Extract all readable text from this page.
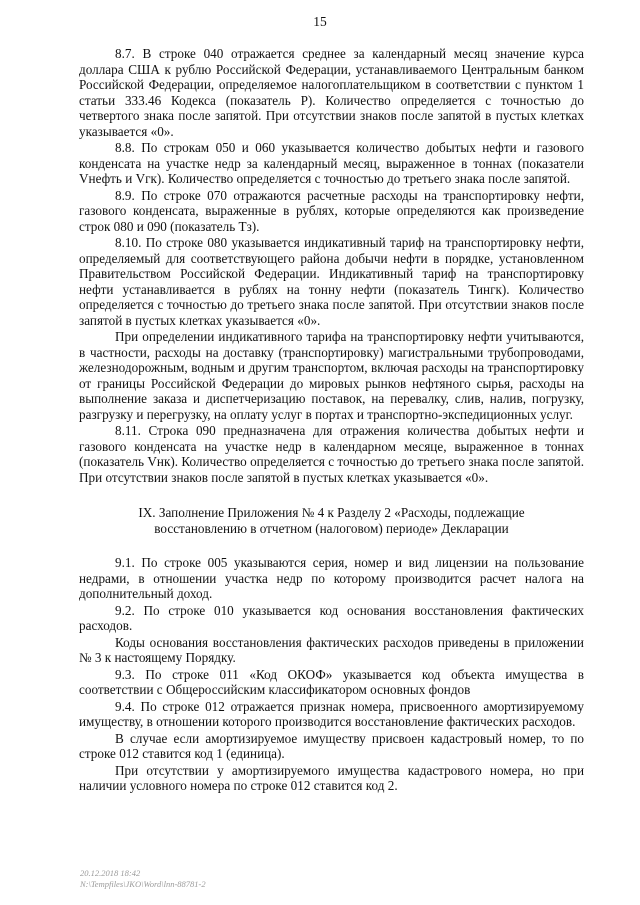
15

8.7. В строке 040 отражается среднее за календарный месяц значение курса доллара США к рублю Российской Федерации, устанавливаемого Центральным банком Российской Федерации, определяемое налогоплательщиком в соответствии с пунктом 1 статьи 333.46 Кодекса (показатель Р). Количество определяется с точностью до четвертого знака после запятой. При отсутствии знаков после запятой в пустых клетках указывается «0».

8.8. По строкам 050 и 060 указывается количество добытых нефти и газового конденсата на участке недр за календарный месяц, выраженное в тоннах (показатели Vнефть и Vгк). Количество определяется с точностью до третьего знака после запятой.

8.9. По строке 070 отражаются расчетные расходы на транспортировку нефти, газового конденсата, выраженные в рублях, которые определяются как произведение строк 080 и 090 (показатель Тз).

8.10. По строке 080 указывается индикативный тариф на транспортировку нефти, определяемый для соответствующего района добычи нефти в порядке, установленном Правительством Российской Федерации. Индикативный тариф на транспортировку нефти устанавливается в рублях на тонну нефти (показатель Тингк). Количество определяется с точностью до третьего знака после запятой. При отсутствии знаков после запятой в пустых клетках указывается «0».

При определении индикативного тарифа на транспортировку нефти учитываются, в частности, расходы на доставку (транспортировку) магистральными трубопроводами, железнодорожным, водным и другим транспортом, включая расходы на транспортировку от границы Российской Федерации до мировых рынков нефтяного сырья, расходы на выполнение заказа и диспетчеризацию поставок, на перевалку, слив, налив, погрузку, разгрузку и перегрузку, на оплату услуг в портах и транспортно-экспедиционных услуг.

8.11. Строка 090 предназначена для отражения количества добытых нефти и газового конденсата на участке недр в календарном месяце, выраженное в тоннах (показатель Vнк). Количество определяется с точностью до третьего знака после запятой. При отсутствии знаков после запятой в пустых клетках указывается «0».

IX. Заполнение Приложения № 4 к Разделу 2 «Расходы, подлежащие
восстановлению в отчетном (налоговом) периоде» Декларации

9.1. По строке 005 указываются серия, номер и вид лицензии на пользование недрами, в отношении участка недр по которому производится расчет налога на дополнительный доход.

9.2. По строке 010 указывается код основания восстановления фактических расходов.

Коды основания восстановления фактических расходов приведены в приложении № 3 к настоящему Порядку.

9.3. По строке 011 «Код ОКОФ» указывается код объекта имущества в соответствии с Общероссийским классификатором основных фондов

9.4. По строке 012 отражается признак номера, присвоенного амортизируемому имуществу, в отношении которого производится восстановление фактических расходов.

В случае если амортизируемое имуществу присвоен кадастровый номер, то по строке 012 ставится код 1 (единица).

При отсутствии у амортизируемого имущества кадастрового номера, но при наличии условного номера по строке 012 ставится код 2.

20.12.2018 18:42
N:\Tempfiles\JKO\Word\lnn-88781-2
